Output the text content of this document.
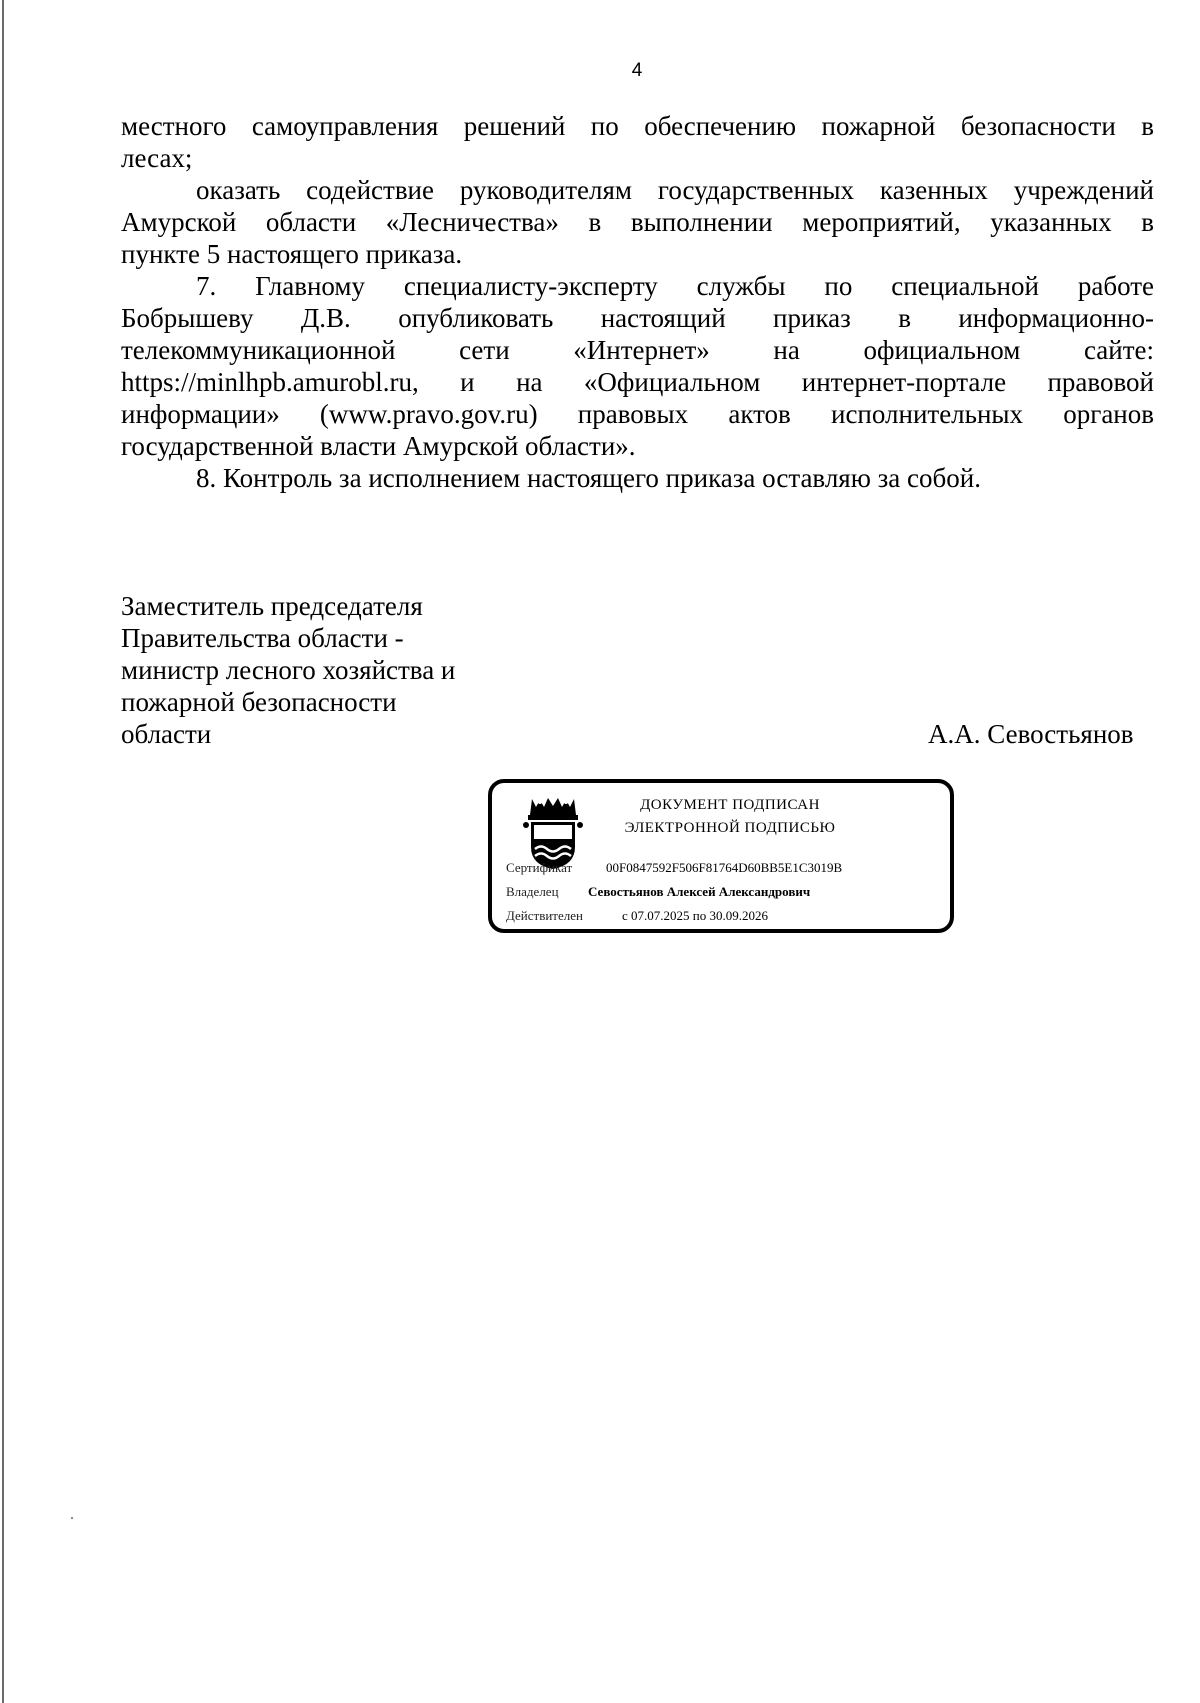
4
местного самоуправления решений по обеспечению пожарной безопасности в
лесах;
оказать содействие руководителям государственных казенных учреждений
Амурской области «Лесничества» в выполнении мероприятий, указанных в
пункте 5 настоящего приказа.
7. Главному специалисту-эксперту службы по специальной работе
Бобрышеву Д.В. опубликовать настоящий приказ в информационно-
телекоммуникационной сети «Интернет» на официальном сайте:
https://minlhpb.amurobl.ru, и на «Официальном интернет-портале правовой
информации» (www.pravo.gov.ru) правовых актов исполнительных органов
государственной власти Амурской области».
8. Контроль за исполнением настоящего приказа оставляю за собой.
Заместитель председателя
Правительства области -
министр лесного хозяйства и
пожарной безопасности
области	А.А. Севостьянов
ДОКУМЕНТ ПОДПИСАН
ЭЛЕКТРОННОЙ ПОДПИСЬЮ
Сертификат	00F0847592F506F81764D60BB5E1C3019B
Владелец Севостьянов Алексей Александрович
Действителен	с 07.07.2025 по 30.09.2026
